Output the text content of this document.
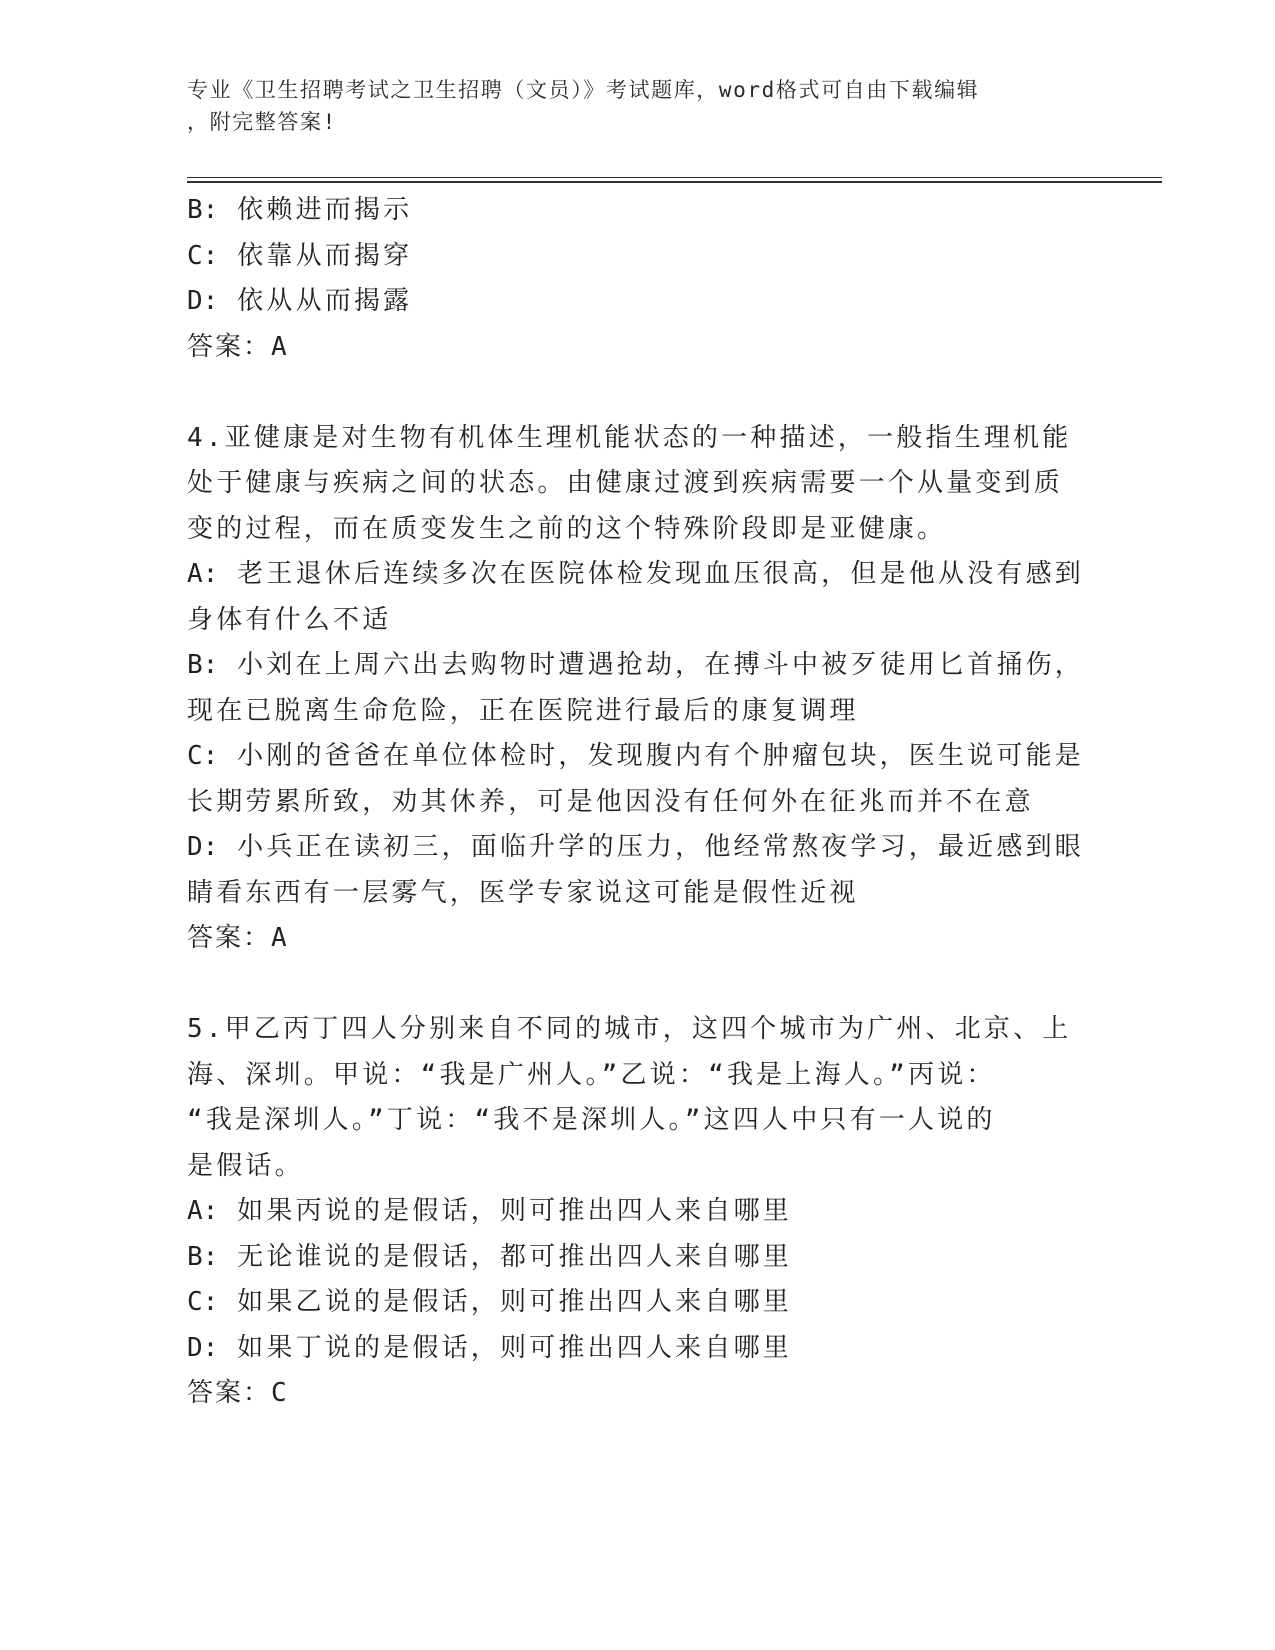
专业《卫生招聘考试之卫生招聘（文员）》考试题库，word格式可自由下载编辑
，附完整答案!
B: 依赖进而揭示
C: 依靠从而揭穿
D: 依从从而揭露
答案：A
4.亚健康是对生物有机体生理机能状态的一种描述，一般指生理机能
处于健康与疾病之间的状态。由健康过渡到疾病需要一个从量变到质
变的过程，而在质变发生之前的这个特殊阶段即是亚健康。
A: 老王退休后连续多次在医院体检发现血压很高，但是他从没有感到
身体有什么不适
B: 小刘在上周六出去购物时遭遇抢劫，在搏斗中被歹徒用匕首捅伤，
现在已脱离生命危险，正在医院进行最后的康复调理
C: 小刚的爸爸在单位体检时，发现腹内有个肿瘤包块，医生说可能是
长期劳累所致，劝其休养，可是他因没有任何外在征兆而并不在意
D: 小兵正在读初三，面临升学的压力，他经常熬夜学习，最近感到眼
睛看东西有一层雾气，医学专家说这可能是假性近视
答案：A
5.甲乙丙丁四人分别来自不同的城市，这四个城市为广州、北京、上
海、深圳。甲说：“我是广州人。”乙说：“我是上海人。”丙说：
“我是深圳人。”丁说：“我不是深圳人。”这四人中只有一人说的
是假话。
A: 如果丙说的是假话，则可推出四人来自哪里
B: 无论谁说的是假话，都可推出四人来自哪里
C: 如果乙说的是假话，则可推出四人来自哪里
D: 如果丁说的是假话，则可推出四人来自哪里
答案：C
